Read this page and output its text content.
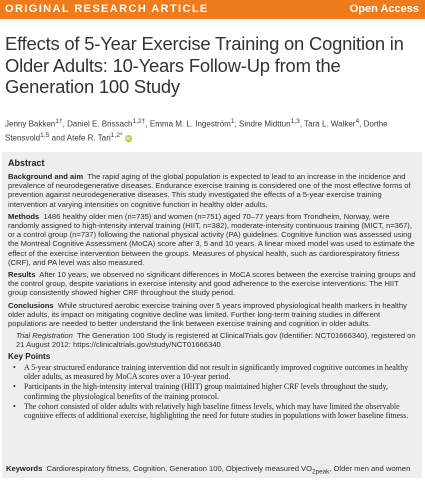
ORIGINAL RESEARCH ARTICLE	Open Access
Effects of 5-Year Exercise Training on Cognition in Older Adults: 10-Years Follow-Up from the Generation 100 Study
Jenny Bakken$^{1\dagger}$, Daniel E. Brissach$^{1,2\dagger}$, Emma M. L. Ingeström$^1$, Sindre Midttun$^{1,3}$, Tara L. Walker$^4$, Dorthe Stensvold$^{1,5}$ and Atefe R. Tari$^{1,2*}$ iD
Abstract
Background and aim The rapid aging of the global population is expected to lead to an increase in the incidence and prevalence of neurodegenerative diseases. Endurance exercise training is considered one of the most effective forms of prevention against neurodegenerative diseases. This study investigated the effects of a 5-year exercise training intervention at varying intensities on cognitive function in healthy older adults.
Methods 1486 healthy older men (n=735) and women (n=751) aged 70–77 years from Trondheim, Norway, were randomly assigned to high-intensity interval training (HIIT, n=382), moderate-intensity continuous training (MICT, n=367), or a control group (n=737) following the national physical activity (PA) guidelines. Cognitive function was assessed using the Montreal Cognitive Assessment (MoCA) score after 3, 5 and 10 years. A linear mixed model was used to estimate the effect of the exercise intervention between the groups. Measures of physical health, such as cardiorespiratory fitness (CRF), and PA level was also measured.
Results After 10 years, we observed no significant differences in MoCA scores between the exercise training groups and the control group, despite variations in exercise intensity and good adherence to the exercise interventions. The HIIT group consistently showed higher CRF throughout the study period.
Conclusions While structured aerobic exercise training over 5 years improved physiological health markers in healthy older adults, its impact on mitigating cognitive decline was limited. Further long-term training studies in different populations are needed to better understand the link between exercise training and cognition in older adults.
Trial Registration The Generation 100 Study is registered at ClinicalTrials.gov (Identifier: NCT01666340), registered on 21 August 2012: https://clinicaltrials.gov/study/NCT01666340
Key Points
• A 5-year structured endurance training intervention did not result in significantly improved cognitive outcomes in healthy older adults, as measured by MoCA scores over a 10-year period.
• Participants in the high-intensity interval training (HIIT) group maintained higher CRF levels throughout the study, confirming the physiological benefits of the training protocol.
• The cohort consisted of older adults with relatively high baseline fitness levels, which may have limited the observable cognitive effects of additional exercise, highlighting the need for future studies in populations with lower baseline fitness.
Keywords Cardiorespiratory fitness, Cognition, Generation 100, Objectively measured $VO_{2peak}$, Older men and women
